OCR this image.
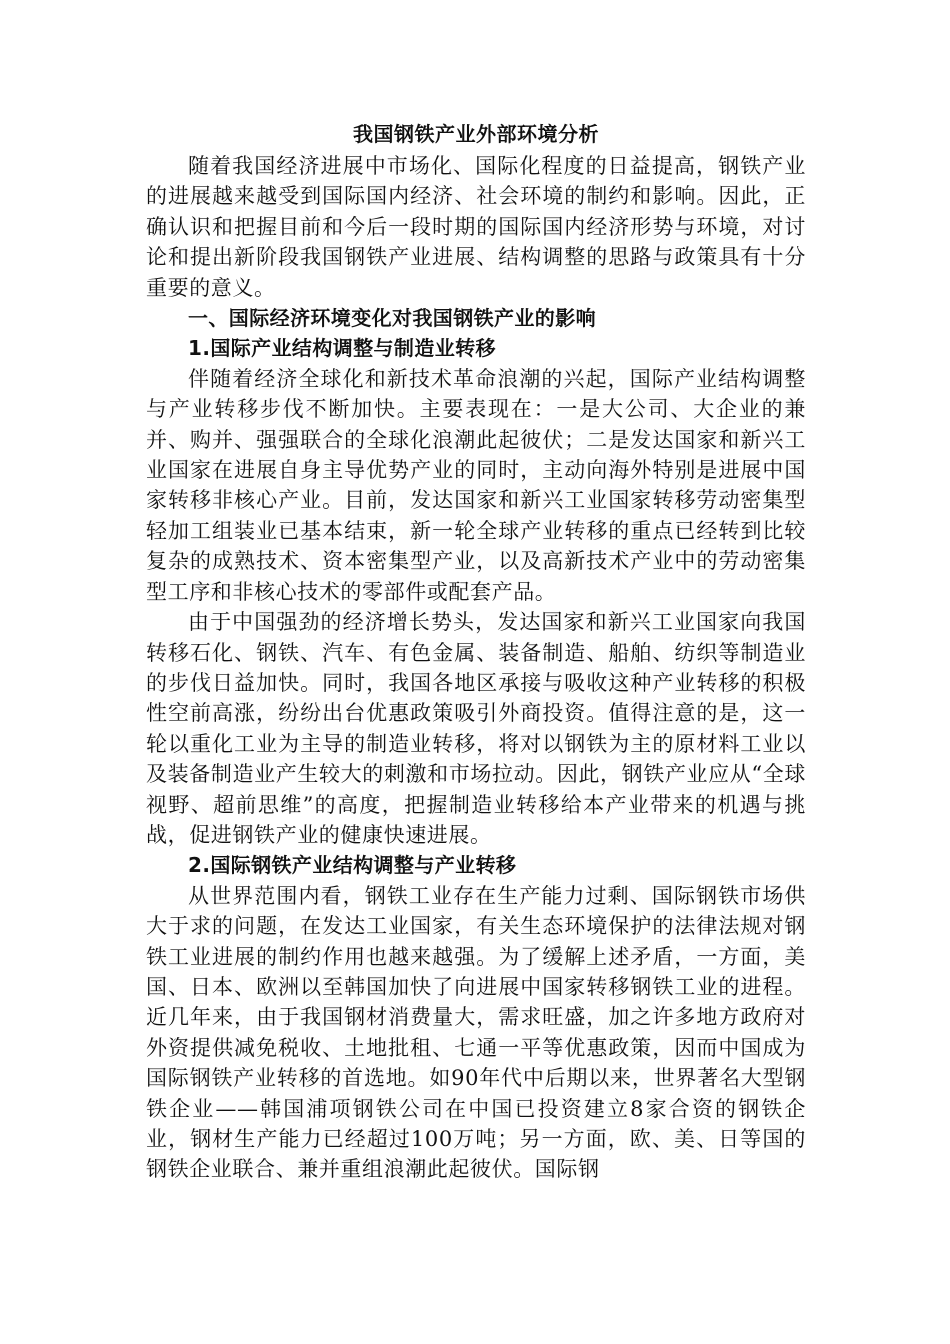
我国钢铁产业外部环境分析

随着我国经济进展中市场化、国际化程度的日益提高，钢铁产业的进展越来越受到国际国内经济、社会环境的制约和影响。因此，正确认识和把握目前和今后一段时期的国际国内经济形势与环境，对讨论和提出新阶段我国钢铁产业进展、结构调整的思路与政策具有十分重要的意义。

一、国际经济环境变化对我国钢铁产业的影响
1.国际产业结构调整与制造业转移

伴随着经济全球化和新技术革命浪潮的兴起，国际产业结构调整与产业转移步伐不断加快。主要表现在：一是大公司、大企业的兼并、购并、强强联合的全球化浪潮此起彼伏；二是发达国家和新兴工业国家在进展自身主导优势产业的同时，主动向海外特别是进展中国家转移非核心产业。目前，发达国家和新兴工业国家转移劳动密集型轻加工组装业已基本结束，新一轮全球产业转移的重点已经转到比较复杂的成熟技术、资本密集型产业，以及高新技术产业中的劳动密集型工序和非核心技术的零部件或配套产品。

由于中国强劲的经济增长势头，发达国家和新兴工业国家向我国转移石化、钢铁、汽车、有色金属、装备制造、船舶、纺织等制造业的步伐日益加快。同时，我国各地区承接与吸收这种产业转移的积极性空前高涨，纷纷出台优惠政策吸引外商投资。值得注意的是，这一轮以重化工业为主导的制造业转移，将对以钢铁为主的原材料工业以及装备制造业产生较大的刺激和市场拉动。因此，钢铁产业应从“全球视野、超前思维”的高度，把握制造业转移给本产业带来的机遇与挑战，促进钢铁产业的健康快速进展。

2.国际钢铁产业结构调整与产业转移

从世界范围内看，钢铁工业存在生产能力过剩、国际钢铁市场供大于求的问题，在发达工业国家，有关生态环境保护的法律法规对钢铁工业进展的制约作用也越来越强。为了缓解上述矛盾，一方面，美国、日本、欧洲以至韩国加快了向进展中国家转移钢铁工业的进程。近几年来，由于我国钢材消费量大，需求旺盛，加之许多地方政府对外资提供减免税收、土地批租、七通一平等优惠政策，因而中国成为国际钢铁产业转移的首选地。如90年代中后期以来，世界著名大型钢铁企业——韩国浦项钢铁公司在中国已投资建立8家合资的钢铁企业，钢材生产能力已经超过100万吨；另一方面，欧、美、日等国的钢铁企业联合、兼并重组浪潮此起彼伏。国际钢
